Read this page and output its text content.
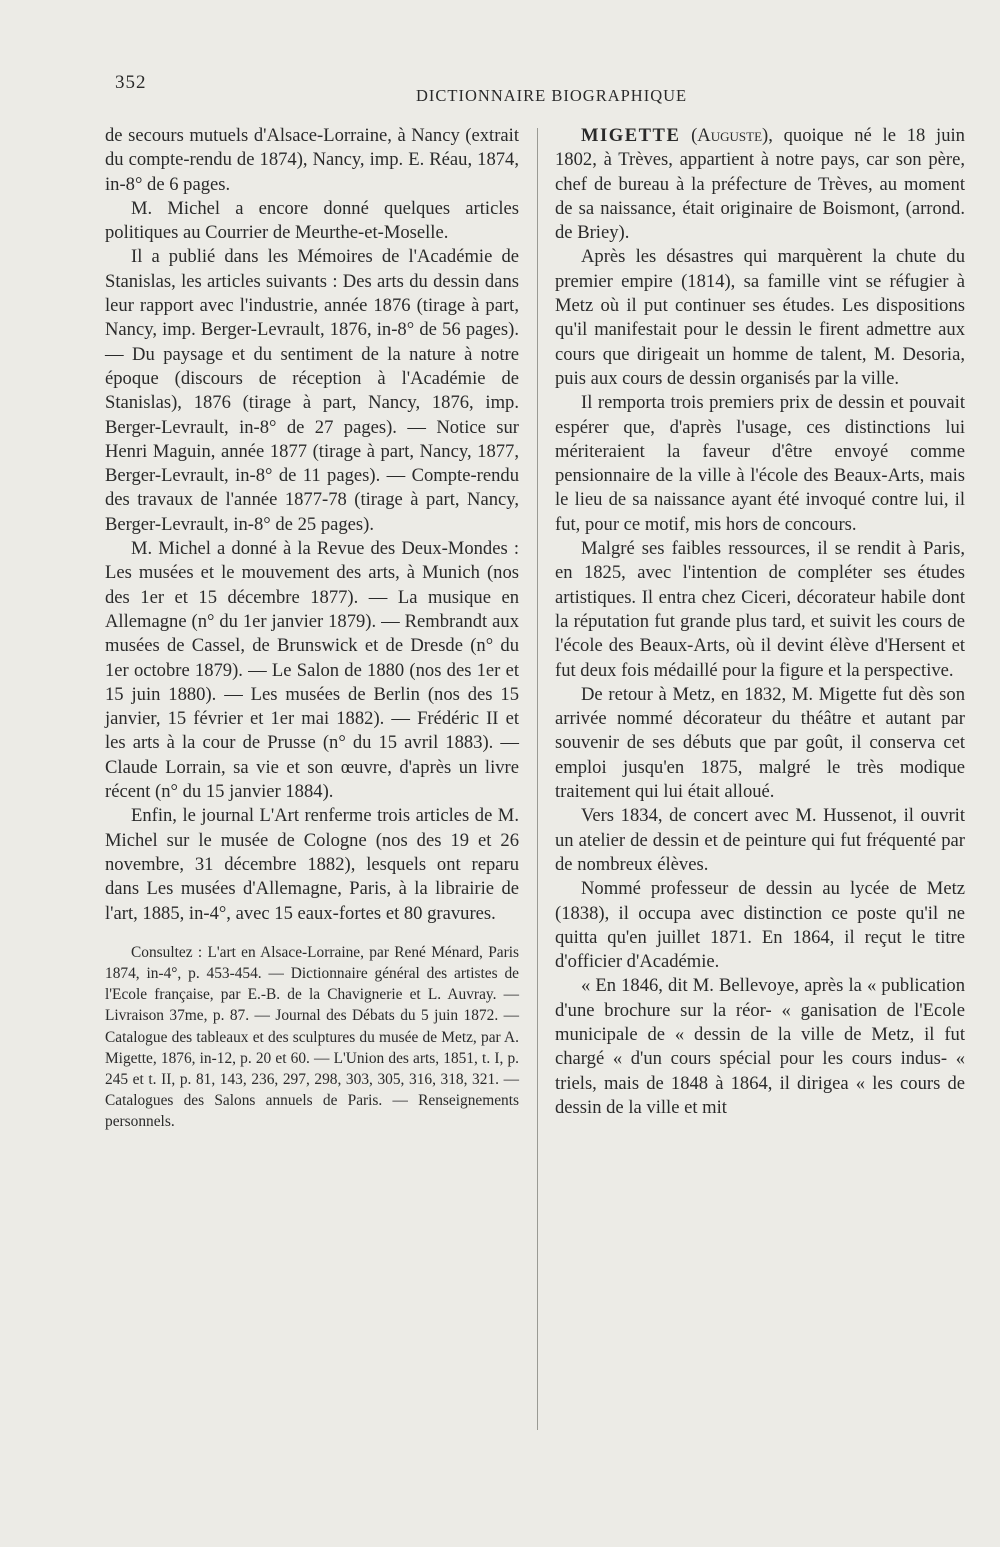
352
DICTIONNAIRE BIOGRAPHIQUE

de secours mutuels d'Alsace-Lorraine, à Nancy (extrait du compte-rendu de 1874), Nancy, imp. E. Réau, 1874, in-8° de 6 pages.

M. Michel a encore donné quelques articles politiques au Courrier de Meurthe-et-Moselle.

Il a publié dans les Mémoires de l'Académie de Stanislas, les articles suivants : Des arts du dessin dans leur rapport avec l'industrie, année 1876 (tirage à part, Nancy, imp. Berger-Levrault, 1876, in-8° de 56 pages). — Du paysage et du sentiment de la nature à notre époque (discours de réception à l'Académie de Stanislas), 1876 (tirage à part, Nancy, 1876, imp. Berger-Levrault, in-8° de 27 pages). — Notice sur Henri Maguin, année 1877 (tirage à part, Nancy, 1877, Berger-Levrault, in-8° de 11 pages). — Compte-rendu des travaux de l'année 1877-78 (tirage à part, Nancy, Berger-Levrault, in-8° de 25 pages).

M. Michel a donné à la Revue des Deux-Mondes : Les musées et le mouvement des arts, à Munich (nos des 1er et 15 décembre 1877). — La musique en Allemagne (n° du 1er janvier 1879). — Rembrandt aux musées de Cassel, de Brunswick et de Dresde (n° du 1er octobre 1879). — Le Salon de 1880 (nos des 1er et 15 juin 1880). — Les musées de Berlin (nos des 15 janvier, 15 février et 1er mai 1882). — Frédéric II et les arts à la cour de Prusse (n° du 15 avril 1883). — Claude Lorrain, sa vie et son œuvre, d'après un livre récent (n° du 15 janvier 1884).

Enfin, le journal L'Art renferme trois articles de M. Michel sur le musée de Cologne (nos des 19 et 26 novembre, 31 décembre 1882), lesquels ont reparu dans Les musées d'Allemagne, Paris, à la librairie de l'art, 1885, in-4°, avec 15 eaux-fortes et 80 gravures.

Consultez : L'art en Alsace-Lorraine, par René Ménard, Paris 1874, in-4°, p. 453-454. — Dictionnaire général des artistes de l'Ecole française, par E.-B. de la Chavignerie et L. Auvray. — Livraison 37me, p. 87. — Journal des Débats du 5 juin 1872. — Catalogue des tableaux et des sculptures du musée de Metz, par A. Migette, 1876, in-12, p. 20 et 60. — L'Union des arts, 1851, t. I, p. 245 et t. II, p. 81, 143, 236, 297, 298, 303, 305, 316, 318, 321. — Catalogues des Salons annuels de Paris. — Renseignements personnels.

MIGETTE (Auguste), quoique né le 18 juin 1802, à Trèves, appartient à notre pays, car son père, chef de bureau à la préfecture de Trèves, au moment de sa naissance, était originaire de Boismont, (arrond. de Briey).

Après les désastres qui marquèrent la chute du premier empire (1814), sa famille vint se réfugier à Metz où il put continuer ses études. Les dispositions qu'il manifestait pour le dessin le firent admettre aux cours que dirigeait un homme de talent, M. Desoria, puis aux cours de dessin organisés par la ville.

Il remporta trois premiers prix de dessin et pouvait espérer que, d'après l'usage, ces distinctions lui mériteraient la faveur d'être envoyé comme pensionnaire de la ville à l'école des Beaux-Arts, mais le lieu de sa naissance ayant été invoqué contre lui, il fut, pour ce motif, mis hors de concours.

Malgré ses faibles ressources, il se rendit à Paris, en 1825, avec l'intention de compléter ses études artistiques. Il entra chez Ciceri, décorateur habile dont la réputation fut grande plus tard, et suivit les cours de l'école des Beaux-Arts, où il devint élève d'Hersent et fut deux fois médaillé pour la figure et la perspective.

De retour à Metz, en 1832, M. Migette fut dès son arrivée nommé décorateur du théâtre et autant par souvenir de ses débuts que par goût, il conserva cet emploi jusqu'en 1875, malgré le très modique traitement qui lui était alloué.

Vers 1834, de concert avec M. Hussenot, il ouvrit un atelier de dessin et de peinture qui fut fréquenté par de nombreux élèves.

Nommé professeur de dessin au lycée de Metz (1838), il occupa avec distinction ce poste qu'il ne quitta qu'en juillet 1871. En 1864, il reçut le titre d'officier d'Académie.

« En 1846, dit M. Bellevoye, après la « publication d'une brochure sur la réor- « ganisation de l'Ecole municipale de « dessin de la ville de Metz, il fut chargé « d'un cours spécial pour les cours indus- « triels, mais de 1848 à 1864, il dirigea « les cours de dessin de la ville et mit
